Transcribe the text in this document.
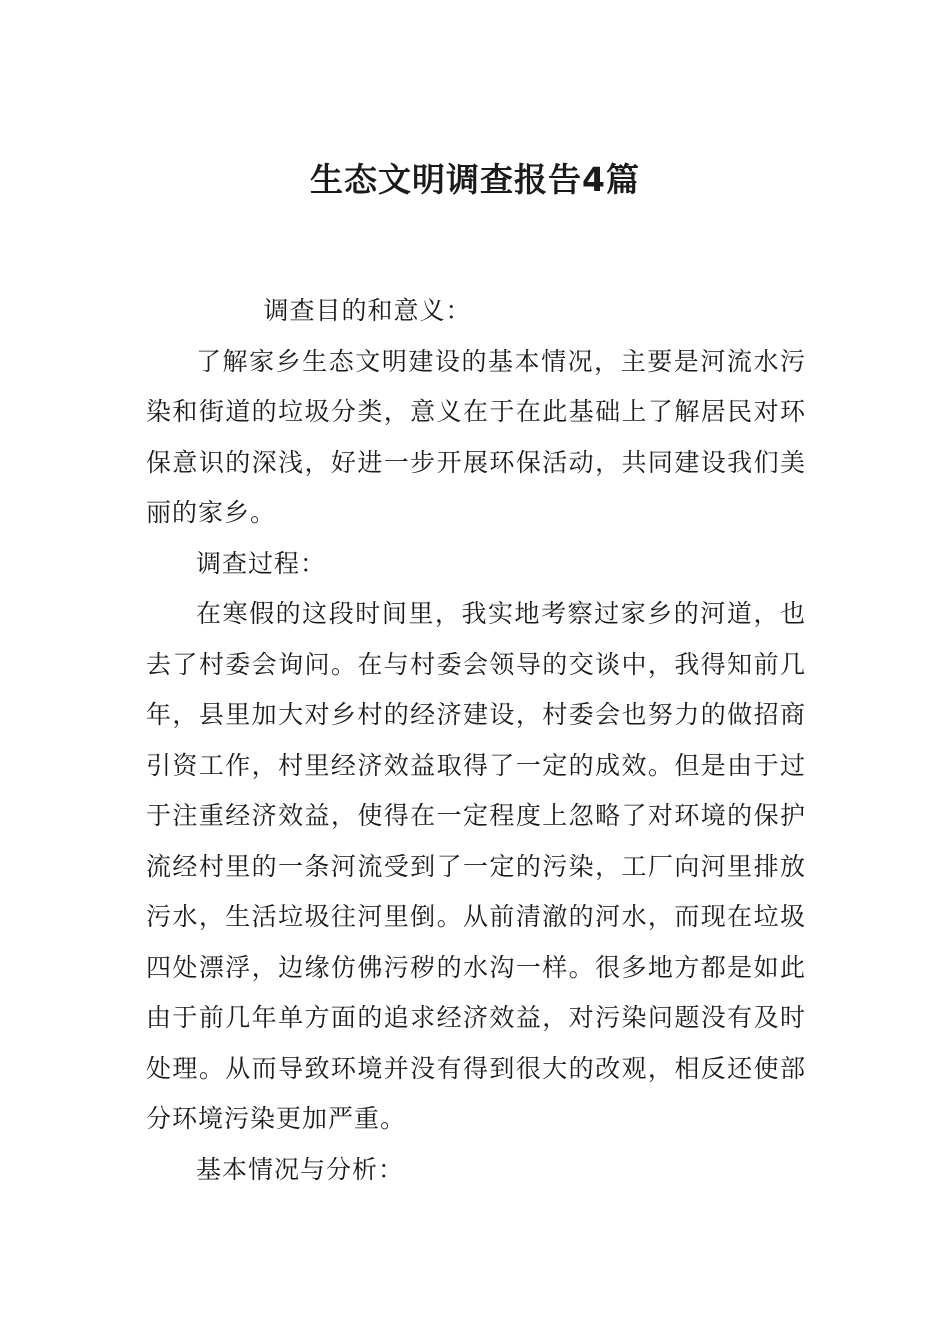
生态文明调查报告4篇

调查目的和意义：

了解家乡生态文明建设的基本情况，主要是河流水污染和街道的垃圾分类，意义在于在此基础上了解居民对环保意识的深浅，好进一步开展环保活动，共同建设我们美丽的家乡。

调查过程：

在寒假的这段时间里，我实地考察过家乡的河道，也去了村委会询问。在与村委会领导的交谈中，我得知前几年，县里加大对乡村的经济建设，村委会也努力的做招商引资工作，村里经济效益取得了一定的成效。但是由于过于注重经济效益，使得在一定程度上忽略了对环境的保护流经村里的一条河流受到了一定的污染，工厂向河里排放污水，生活垃圾往河里倒。从前清澈的河水，而现在垃圾四处漂浮，边缘仿佛污秽的水沟一样。很多地方都是如此由于前几年单方面的追求经济效益，对污染问题没有及时处理。从而导致环境并没有得到很大的改观，相反还使部分环境污染更加严重。

基本情况与分析：
